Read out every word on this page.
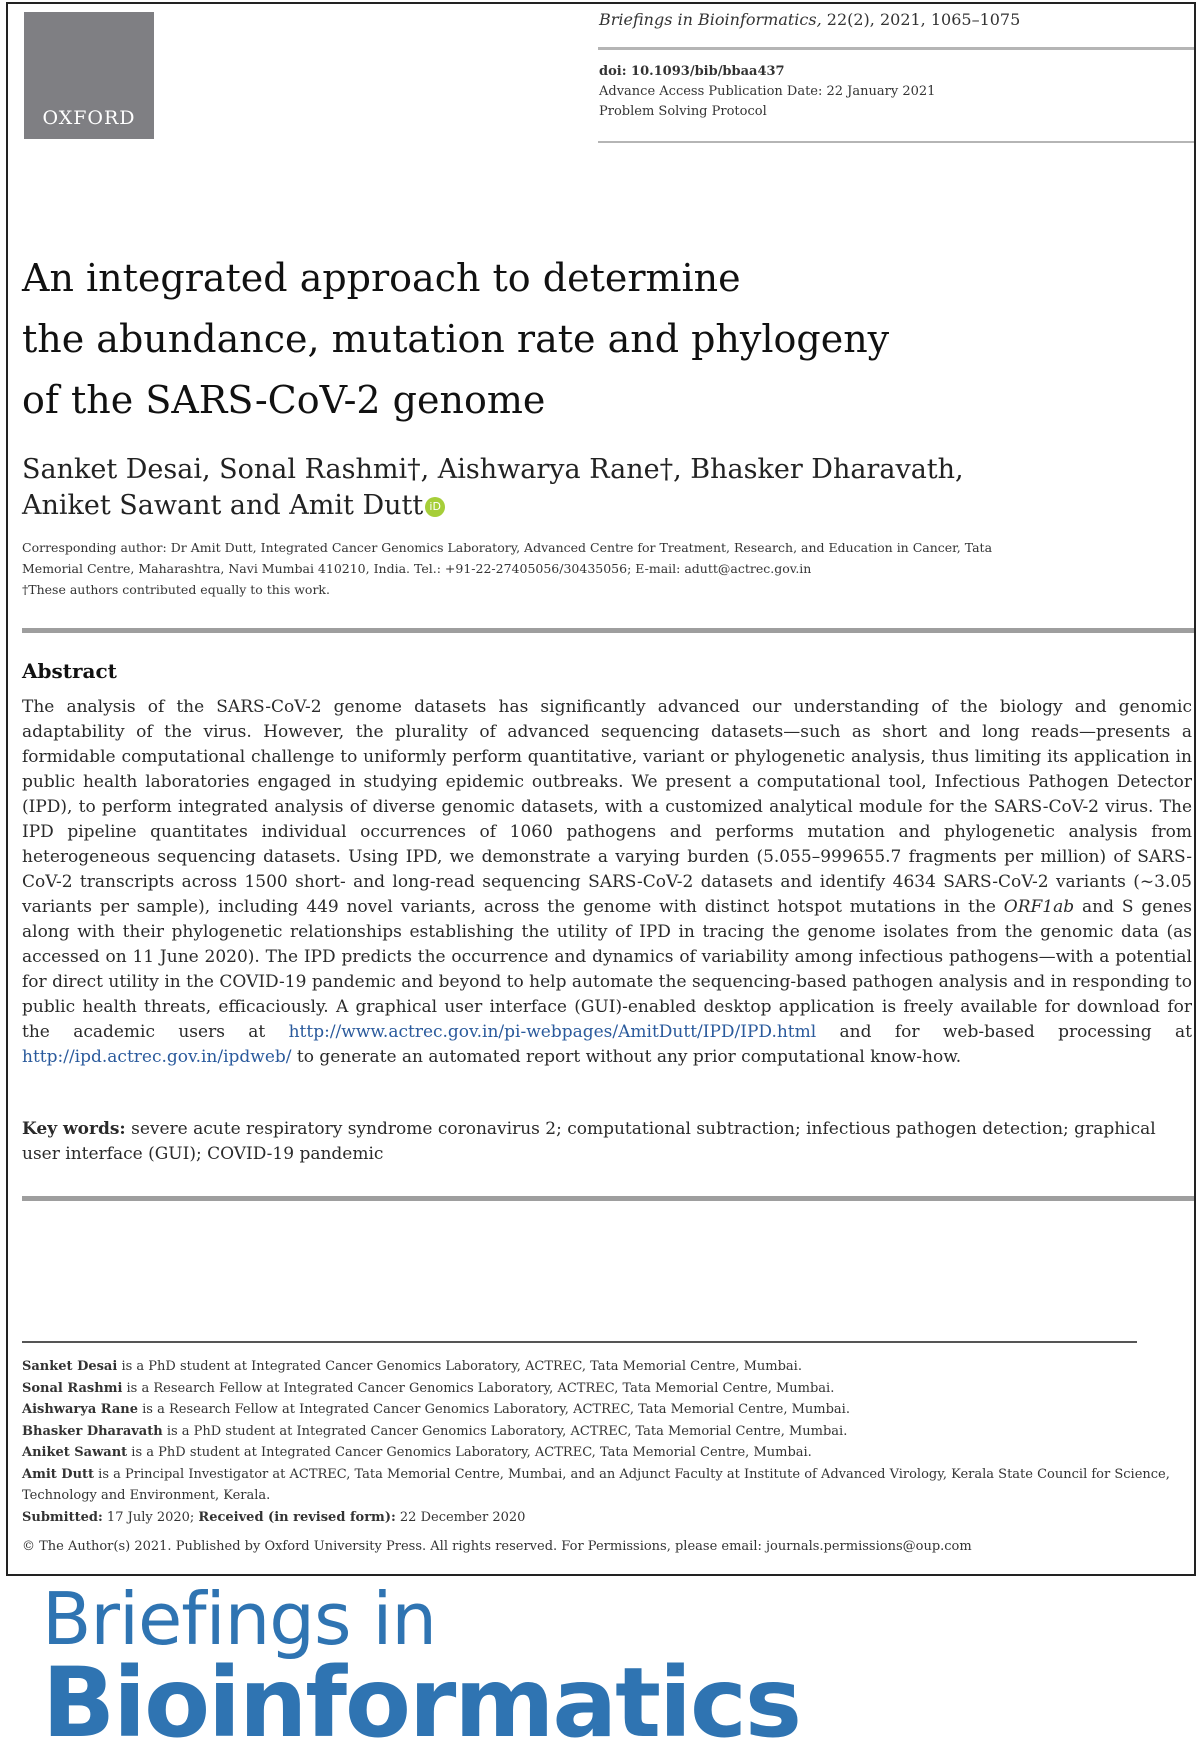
OXFORD
Briefings in Bioinformatics, 22(2), 2021, 1065–1075
doi: 10.1093/bib/bbaa437
Advance Access Publication Date: 22 January 2021
Problem Solving Protocol
An integrated approach to determine
the abundance, mutation rate and phylogeny
of the SARS-CoV-2 genome
Sanket Desai, Sonal Rashmi†, Aishwarya Rane†, Bhasker Dharavath,
Aniket Sawant and Amit Dutt iD
Corresponding author: Dr Amit Dutt, Integrated Cancer Genomics Laboratory, Advanced Centre for Treatment, Research, and Education in Cancer, Tata
Memorial Centre, Maharashtra, Navi Mumbai 410210, India. Tel.: +91-22-27405056/30435056; E-mail: adutt@actrec.gov.in
†These authors contributed equally to this work.
Abstract

The analysis of the SARS-CoV-2 genome datasets has significantly advanced our understanding of the biology and genomic adaptability of the virus. However, the plurality of advanced sequencing datasets—such as short and long reads—presents a formidable computational challenge to uniformly perform quantitative, variant or phylogenetic analysis, thus limiting its application in public health laboratories engaged in studying epidemic outbreaks. We present a computational tool, Infectious Pathogen Detector (IPD), to perform integrated analysis of diverse genomic datasets, with a customized analytical module for the SARS-CoV-2 virus. The IPD pipeline quantitates individual occurrences of 1060 pathogens and performs mutation and phylogenetic analysis from heterogeneous sequencing datasets. Using IPD, we demonstrate a varying burden (5.055–999655.7 fragments per million) of SARS-CoV-2 transcripts across 1500 short- and long-read sequencing SARS-CoV-2 datasets and identify 4634 SARS-CoV-2 variants (~3.05 variants per sample), including 449 novel variants, across the genome with distinct hotspot mutations in the ORF1ab and S genes along with their phylogenetic relationships establishing the utility of IPD in tracing the genome isolates from the genomic data (as accessed on 11 June 2020). The IPD predicts the occurrence and dynamics of variability among infectious pathogens—with a potential for direct utility in the COVID-19 pandemic and beyond to help automate the sequencing-based pathogen analysis and in responding to public health threats, efficaciously. A graphical user interface (GUI)-enabled desktop application is freely available for download for the academic users at http://www.actrec.gov.in/pi-webpages/AmitDutt/IPD/IPD.html and for web-based processing at http://ipd.actrec.gov.in/ipdweb/ to generate an automated report without any prior computational know-how.

Key words: severe acute respiratory syndrome coronavirus 2; computational subtraction; infectious pathogen detection; graphical user interface (GUI); COVID-19 pandemic

Sanket Desai is a PhD student at Integrated Cancer Genomics Laboratory, ACTREC, Tata Memorial Centre, Mumbai.
Sonal Rashmi is a Research Fellow at Integrated Cancer Genomics Laboratory, ACTREC, Tata Memorial Centre, Mumbai.
Aishwarya Rane is a Research Fellow at Integrated Cancer Genomics Laboratory, ACTREC, Tata Memorial Centre, Mumbai.
Bhasker Dharavath is a PhD student at Integrated Cancer Genomics Laboratory, ACTREC, Tata Memorial Centre, Mumbai.
Aniket Sawant is a PhD student at Integrated Cancer Genomics Laboratory, ACTREC, Tata Memorial Centre, Mumbai.
Amit Dutt is a Principal Investigator at ACTREC, Tata Memorial Centre, Mumbai, and an Adjunct Faculty at Institute of Advanced Virology, Kerala State Council for Science, Technology and Environment, Kerala.
Submitted: 17 July 2020; Received (in revised form): 22 December 2020
© The Author(s) 2021. Published by Oxford University Press. All rights reserved. For Permissions, please email: journals.permissions@oup.com
Briefings in
Bioinformatics
